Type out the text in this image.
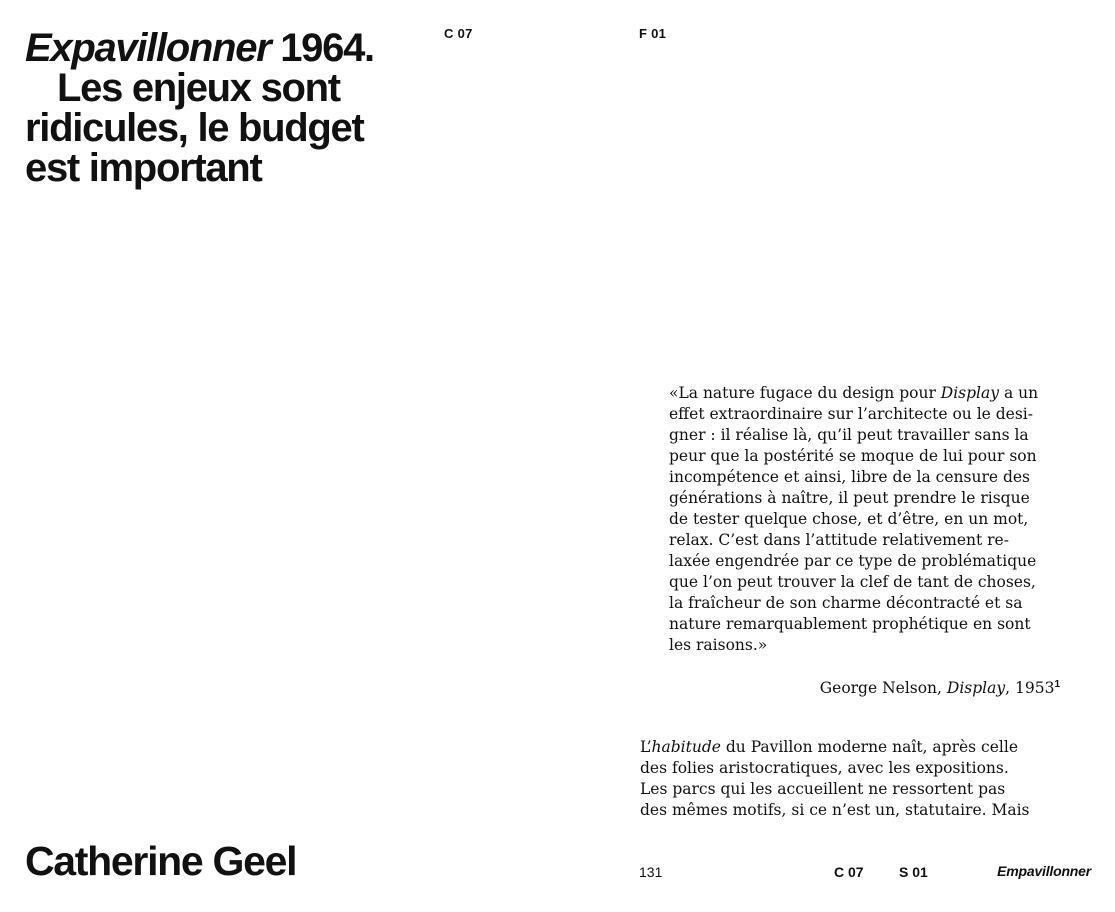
Expavillonner 1964.
Les enjeux sont
ridicules, le budget
est important
C 07	F 01
«La nature fugace du design pour Display a un
effet extraordinaire sur l’architecte ou le desi-
gner : il réalise là, qu’il peut travailler sans la
peur que la postérité se moque de lui pour son
incompétence et ainsi, libre de la censure des
générations à naître, il peut prendre le risque
de tester quelque chose, et d’être, en un mot,
relax. C’est dans l’attitude relativement re-
laxée engendrée par ce type de problématique
que l’on peut trouver la clef de tant de choses,
la fraîcheur de son charme décontracté et sa
nature remarquablement prophétique en sont
les raisons.»
George Nelson, Display, 1953$^1$
L’habitude du Pavillon moderne naît, après celle
des folies aristocratiques, avec les expositions.
Les parcs qui les accueillent ne ressortent pas
des mêmes motifs, si ce n’est un, statutaire. Mais
Catherine Geel	131	C 07	S 01	Empavillonner
